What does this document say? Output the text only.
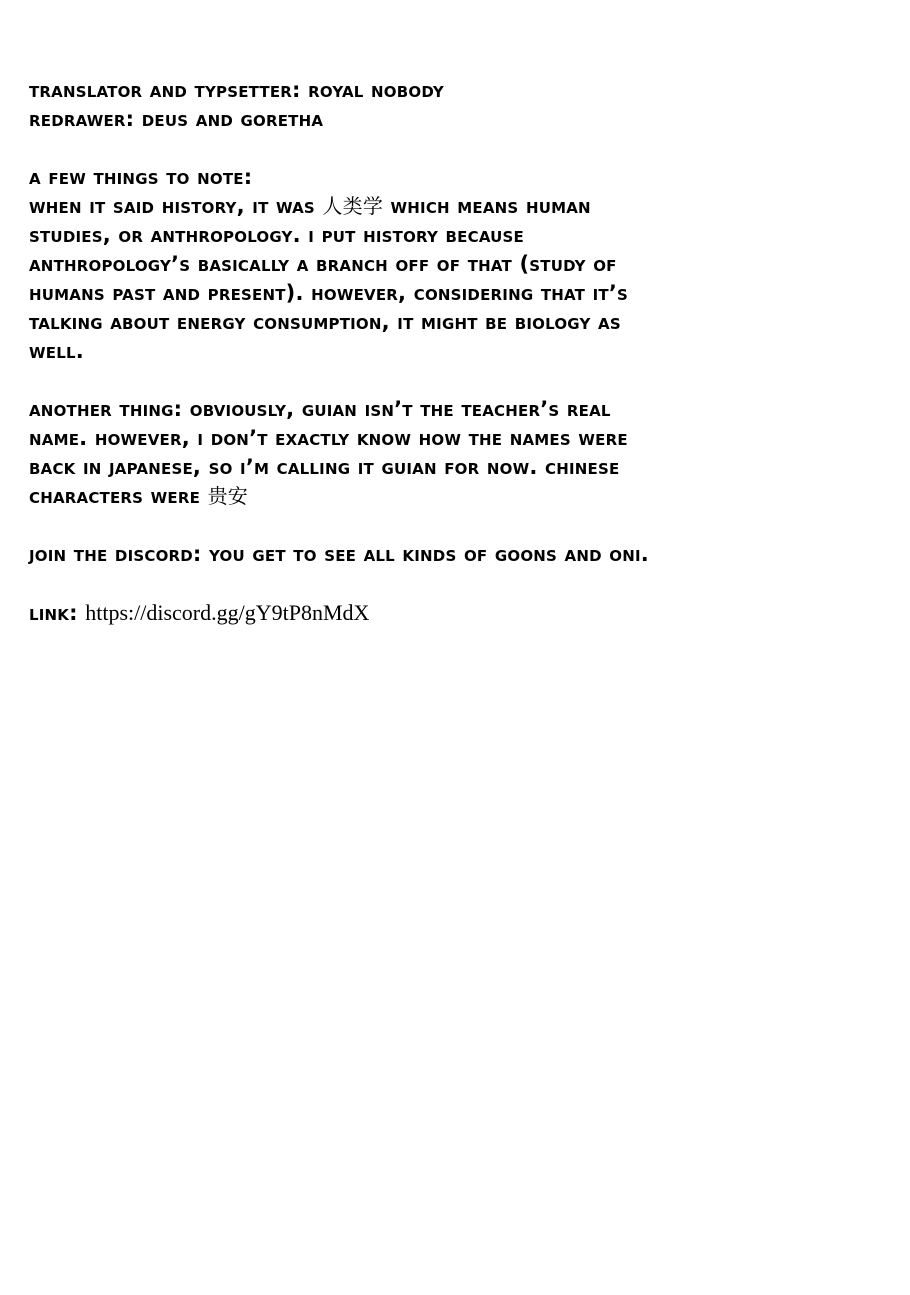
translator and typsetter: royal nobody
redrawer: deus and goretha
a few things to note:
when it said history, it was 人类学 which means human
studies, or anthropology. i put history because
anthropology’s basically a branch off of that (study of
humans past and present). however, considering that it’s
talking about energy consumption, it might be biology as
well.
another thing: obviously, guian isn’t the teacher’s real
name. however, i don’t exactly know how the names were
back in japanese, so i’m calling it guian for now. chinese
characters were 贵安
join the discord: you get to see all kinds of goons and oni.
link: https://discord.gg/gY9tP8nMdX
